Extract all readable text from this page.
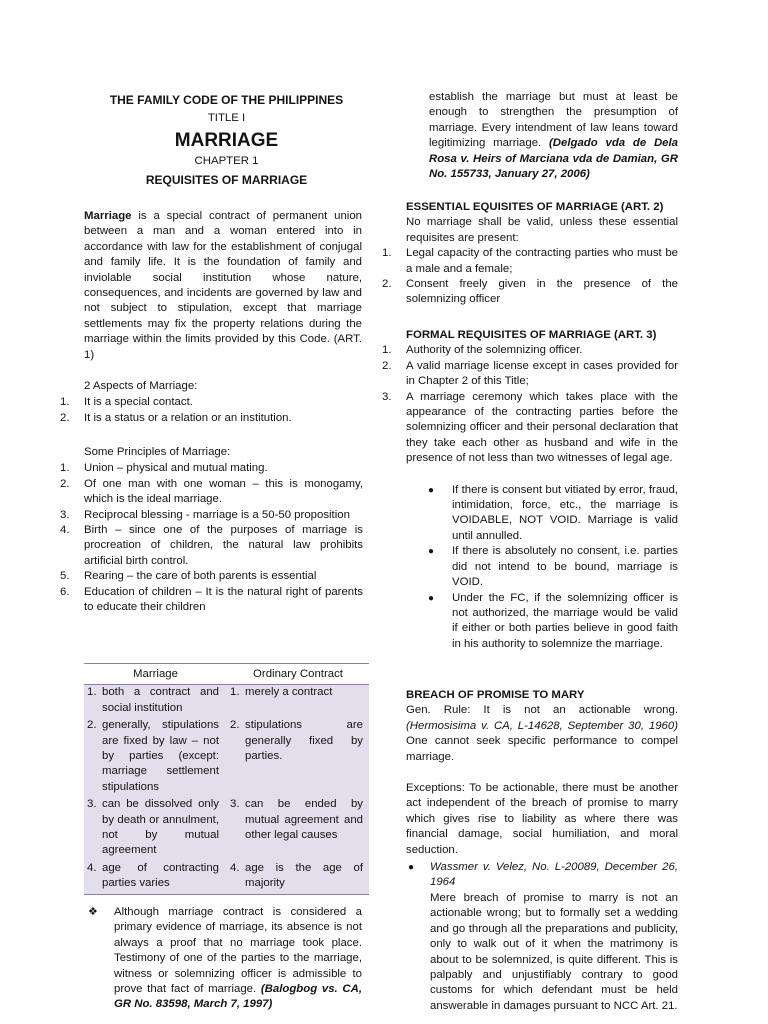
THE FAMILY CODE OF THE PHILIPPINES
TITLE I
MARRIAGE
CHAPTER 1
REQUISITES OF MARRIAGE

Marriage is a special contract of permanent union between a man and a woman entered into in accordance with law for the establishment of conjugal and family life. It is the foundation of family and inviolable social institution whose nature, consequences, and incidents are governed by law and not subject to stipulation, except that marriage settlements may fix the property relations during the marriage within the limits provided by this Code. (ART. 1)

2 Aspects of Marriage:

1. It is a special contact.
2. It is a status or a relation or an institution.

Some Principles of Marriage:

1. Union – physical and mutual mating.
2. Of one man with one woman – this is monogamy, which is the ideal marriage.
3. Reciprocal blessing - marriage is a 50-50 proposition
4. Birth – since one of the purposes of marriage is procreation of children, the natural law prohibits artificial birth control.
5. Rearing – the care of both parents is essential
6. Education of children – It is the natural right of parents to educate their children
Marriage	Ordinary Contract

1. both a contract and social institution	1. merely a contract

2. generally, stipulations are fixed by law – not by parties (except: marriage settlement stipulations	2. stipulations are generally fixed by parties.

3. can be dissolved only by death or annulment, not by mutual agreement	3. can be ended by mutual agreement and other legal causes

4. age of contracting parties varies	4. age is the age of majority
❖ Although marriage contract is considered a primary evidence of marriage, its absence is not always a proof that no marriage took place. Testimony of one of the parties to the marriage, witness or solemnizing officer is admissible to prove that fact of marriage. (Balogbog vs. CA, GR No. 83598, March 7, 1997)

establish the marriage but must at least be enough to strengthen the presumption of marriage. Every intendment of law leans toward legitimizing marriage. (Delgado vda de Dela Rosa v. Heirs of Marciana vda de Damian, GR No. 155733, January 27, 2006)

ESSENTIAL EQUISITES OF MARRIAGE (ART. 2)

No marriage shall be valid, unless these essential requisites are present:

1. Legal capacity of the contracting parties who must be a male and a female;
2. Consent freely given in the presence of the solemnizing officer

FORMAL REQUISITES OF MARRIAGE (ART. 3)

1. Authority of the solemnizing officer.
2. A valid marriage license except in cases provided for in Chapter 2 of this Title;
3. A marriage ceremony which takes place with the appearance of the contracting parties before the solemnizing officer and their personal declaration that they take each other as husband and wife in the presence of not less than two witnesses of legal age.
● If there is consent but vitiated by error, fraud, intimidation, force, etc., the marriage is VOIDABLE, NOT VOID. Marriage is valid until annulled.
● If there is absolutely no consent, i.e. parties did not intend to be bound, marriage is VOID.
● Under the FC, if the solemnizing officer is not authorized, the marriage would be valid if either or both parties believe in good faith in his authority to solemnize the marriage.

BREACH OF PROMISE TO MARY

Gen. Rule: It is not an actionable wrong. (Hermosisima v. CA, L-14628, September 30, 1960) One cannot seek specific performance to compel marriage.

Exceptions: To be actionable, there must be another act independent of the breach of promise to marry which gives rise to liability as where there was financial damage, social humiliation, and moral seduction.

● Wassmer v. Velez, No. L-20089, December 26, 1964
Mere breach of promise to marry is not an actionable wrong; but to formally set a wedding and go through all the preparations and publicity, only to walk out of it when the matrimony is about to be solemnized, is quite different. This is palpably and unjustifiably contrary to good customs for which defendant must be held answerable in damages pursuant to NCC Art. 21.
